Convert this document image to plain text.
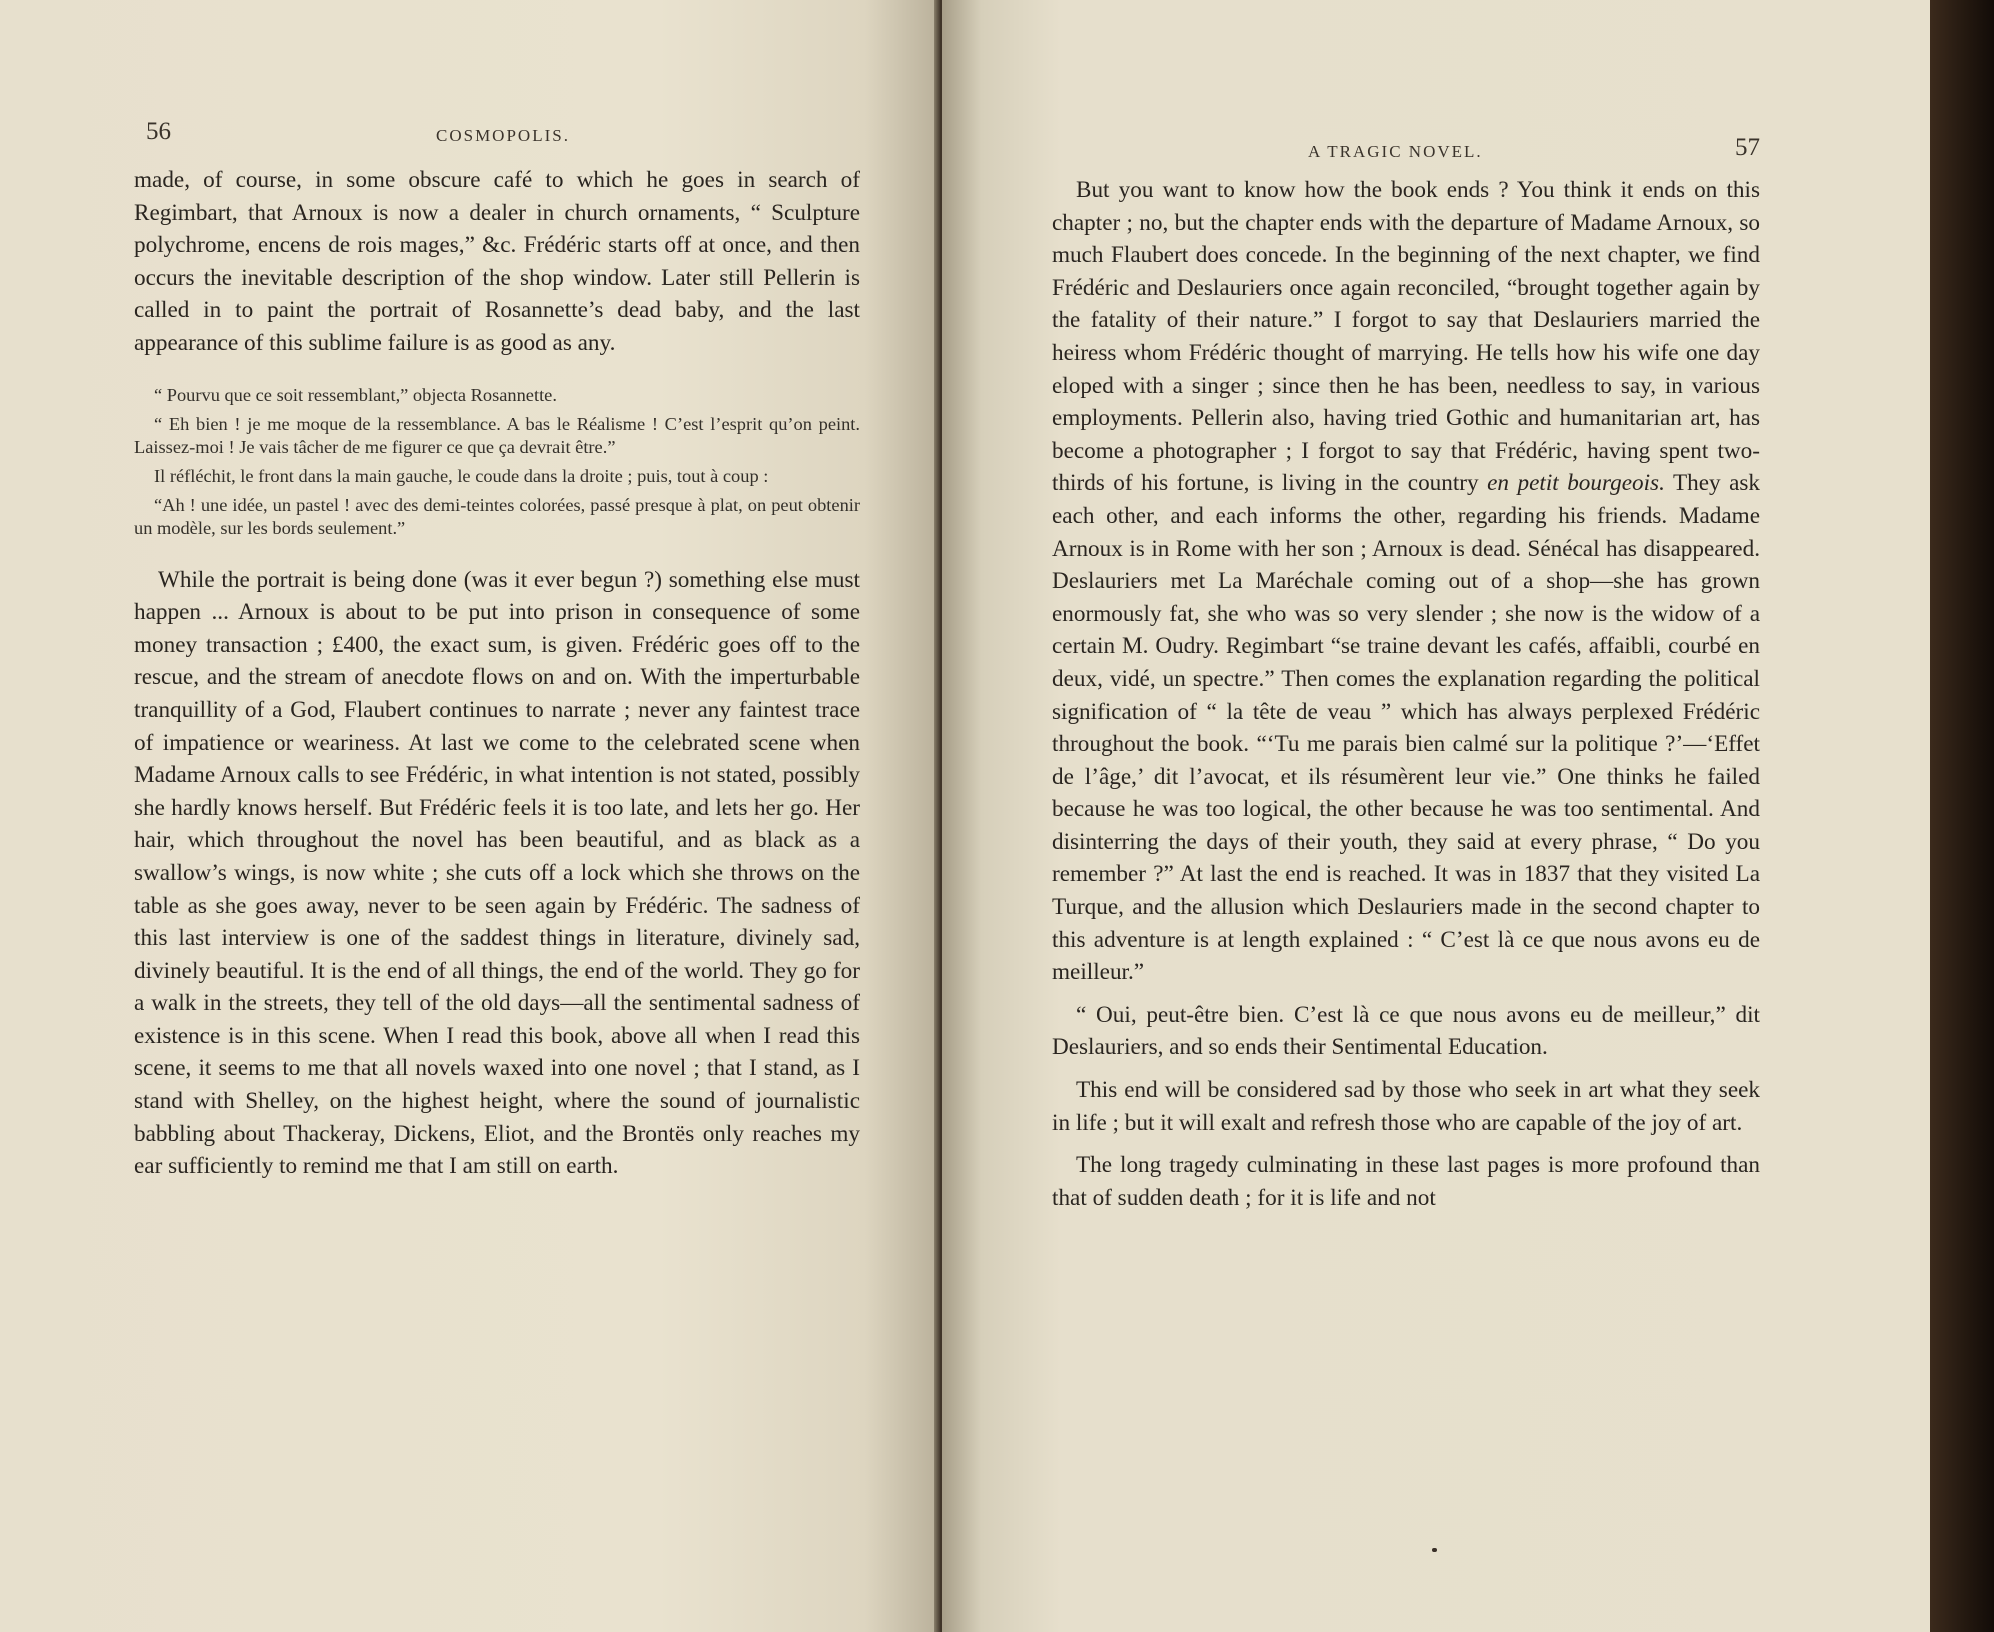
56	COSMOPOLIS.

made, of course, in some obscure café to which he goes in search of Regimbart, that Arnoux is now a dealer in church ornaments, “ Sculpture polychrome, encens de rois mages,” &c. Frédéric starts off at once, and then occurs the inevitable description of the shop window. Later still Pellerin is called in to paint the portrait of Rosannette’s dead baby, and the last appearance of this sublime failure is as good as any.

“ Pourvu que ce soit ressemblant,” objecta Rosannette.

“ Eh bien ! je me moque de la ressemblance. A bas le Réalisme ! C’est l’esprit qu’on peint. Laissez-moi ! Je vais tâcher de me figurer ce que ça devrait être.”

Il réfléchit, le front dans la main gauche, le coude dans la droite ; puis, tout à coup :

“Ah ! une idée, un pastel ! avec des demi-teintes colorées, passé presque à plat, on peut obtenir un modèle, sur les bords seulement.”

While the portrait is being done (was it ever begun ?) something else must happen ... Arnoux is about to be put into prison in consequence of some money transaction ; £400, the exact sum, is given. Frédéric goes off to the rescue, and the stream of anecdote flows on and on. With the imperturbable tranquillity of a God, Flaubert continues to narrate ; never any faintest trace of impatience or weariness. At last we come to the celebrated scene when Madame Arnoux calls to see Frédéric, in what intention is not stated, possibly she hardly knows herself. But Frédéric feels it is too late, and lets her go. Her hair, which throughout the novel has been beautiful, and as black as a swallow’s wings, is now white ; she cuts off a lock which she throws on the table as she goes away, never to be seen again by Frédéric. The sadness of this last interview is one of the saddest things in literature, divinely sad, divinely beautiful. It is the end of all things, the end of the world. They go for a walk in the streets, they tell of the old days—all the sentimental sadness of existence is in this scene. When I read this book, above all when I read this scene, it seems to me that all novels waxed into one novel ; that I stand, as I stand with Shelley, on the highest height, where the sound of journalistic babbling about Thackeray, Dickens, Eliot, and the Brontës only reaches my ear sufficiently to remind me that I am still on earth.

A TRAGIC NOVEL.	57

But you want to know how the book ends ? You think it ends on this chapter ; no, but the chapter ends with the departure of Madame Arnoux, so much Flaubert does concede. In the beginning of the next chapter, we find Frédéric and Deslauriers once again reconciled, “brought together again by the fatality of their nature.” I forgot to say that Deslauriers married the heiress whom Frédéric thought of marrying. He tells how his wife one day eloped with a singer ; since then he has been, needless to say, in various employments. Pellerin also, having tried Gothic and humanitarian art, has become a photographer ; I forgot to say that Frédéric, having spent two-thirds of his fortune, is living in the country en petit bourgeois. They ask each other, and each informs the other, regarding his friends. Madame Arnoux is in Rome with her son ; Arnoux is dead. Sénécal has disappeared. Deslauriers met La Maréchale coming out of a shop—she has grown enormously fat, she who was so very slender ; she now is the widow of a certain M. Oudry. Regimbart “se traine devant les cafés, affaibli, courbé en deux, vidé, un spectre.” Then comes the explanation regarding the political signification of “ la tête de veau ” which has always perplexed Frédéric throughout the book. “‘Tu me parais bien calmé sur la politique ?’—‘Effet de l’âge,’ dit l’avocat, et ils résumèrent leur vie.” One thinks he failed because he was too logical, the other because he was too sentimental. And disinterring the days of their youth, they said at every phrase, “ Do you remember ?” At last the end is reached. It was in 1837 that they visited La Turque, and the allusion which Deslauriers made in the second chapter to this adventure is at length explained : “ C’est là ce que nous avons eu de meilleur.”

“ Oui, peut-être bien. C’est là ce que nous avons eu de meilleur,” dit Deslauriers, and so ends their Sentimental Education.

This end will be considered sad by those who seek in art what they seek in life ; but it will exalt and refresh those who are capable of the joy of art.

The long tragedy culminating in these last pages is more profound than that of sudden death ; for it is life and not
